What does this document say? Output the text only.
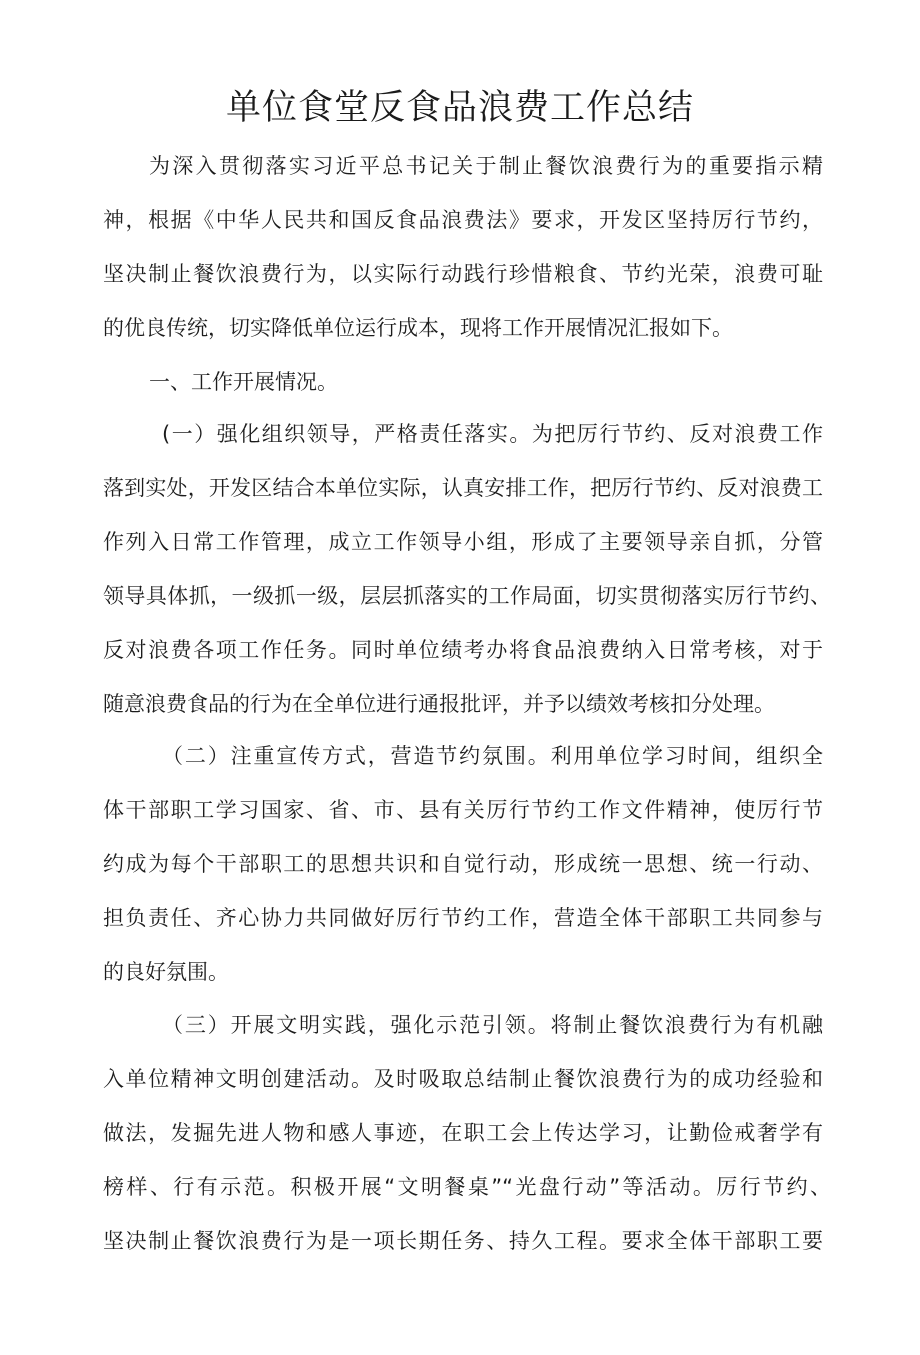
单位食堂反食品浪费工作总结
为深入贯彻落实习近平总书记关于制止餐饮浪费行为的重要指示精
神，根据《中华人民共和国反食品浪费法》要求，开发区坚持厉行节约，
坚决制止餐饮浪费行为，以实际行动践行珍惜粮食、节约光荣，浪费可耻
的优良传统，切实降低单位运行成本，现将工作开展情况汇报如下。
一、工作开展情况。
(一）强化组织领导，严格责任落实。为把厉行节约、反对浪费工作
落到实处，开发区结合本单位实际，认真安排工作，把厉行节约、反对浪费工
作列入日常工作管理，成立工作领导小组，形成了主要领导亲自抓，分管
领导具体抓，一级抓一级，层层抓落实的工作局面，切实贯彻落实厉行节约、
反对浪费各项工作任务。同时单位绩考办将食品浪费纳入日常考核，对于
随意浪费食品的行为在全单位进行通报批评，并予以绩效考核扣分处理。
（二）注重宣传方式，营造节约氛围。利用单位学习时间，组织全
体干部职工学习国家、省、市、县有关厉行节约工作文件精神，使厉行节
约成为每个干部职工的思想共识和自觉行动，形成统一思想、统一行动、
担负责任、齐心协力共同做好厉行节约工作，营造全体干部职工共同参与
的良好氛围。
（三）开展文明实践，强化示范引领。将制止餐饮浪费行为有机融
入单位精神文明创建活动。及时吸取总结制止餐饮浪费行为的成功经验和
做法，发掘先进人物和感人事迹，在职工会上传达学习，让勤俭戒奢学有
榜样、行有示范。积极开展“文明餐桌”“光盘行动”等活动。厉行节约、
坚决制止餐饮浪费行为是一项长期任务、持久工程。要求全体干部职工要
